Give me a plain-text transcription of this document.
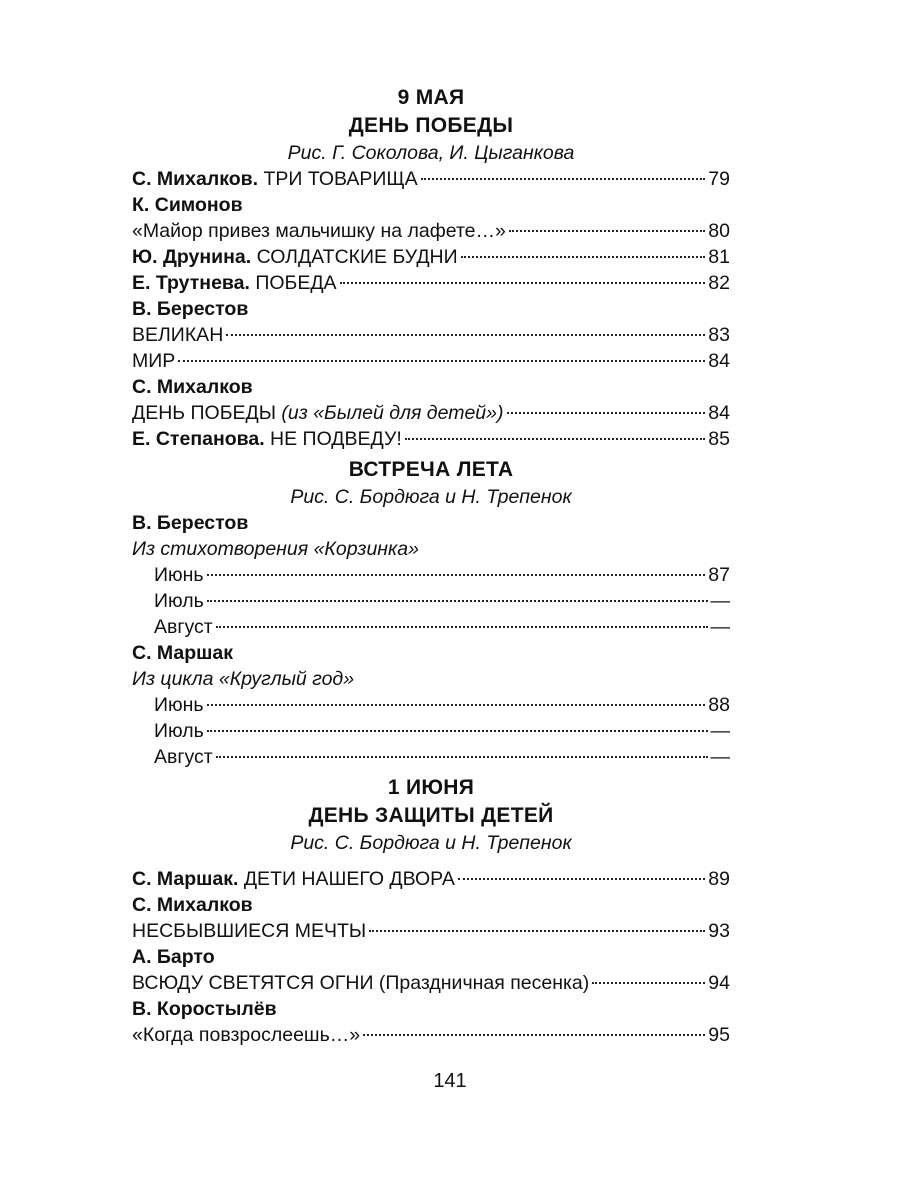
9 МАЯ
ДЕНЬ ПОБЕДЫ
Рис. Г. Соколова, И. Цыганкова
С. Михалков. ТРИ ТОВАРИЩА	79
К. Симонов
«Майор привез мальчишку на лафете…»	80
Ю. Друнина. СОЛДАТСКИЕ БУДНИ	81
Е. Трутнева. ПОБЕДА	82
В. Берестов
ВЕЛИКАН	83
МИР	84
С. Михалков
ДЕНЬ ПОБЕДЫ (из «Былей для детей»)	84
Е. Степанова. НЕ ПОДВЕДУ!	85
ВСТРЕЧА ЛЕТА
Рис. С. Бордюга и Н. Трепенок
В. Берестов
Из стихотворения «Корзинка»
Июнь	87
Июль	—
Август	—
С. Маршак
Из цикла «Круглый год»
Июнь	88
Июль	—
Август	—
1 ИЮНЯ
ДЕНЬ ЗАЩИТЫ ДЕТЕЙ
Рис. С. Бордюга и Н. Трепенок
С. Маршак. ДЕТИ НАШЕГО ДВОРА	89
С. Михалков
НЕСБЫВШИЕСЯ МЕЧТЫ	93
А. Барто
ВСЮДУ СВЕТЯТСЯ ОГНИ (Праздничная песенка)	94
В. Коростылёв
«Когда повзрослеешь…»	95
141
